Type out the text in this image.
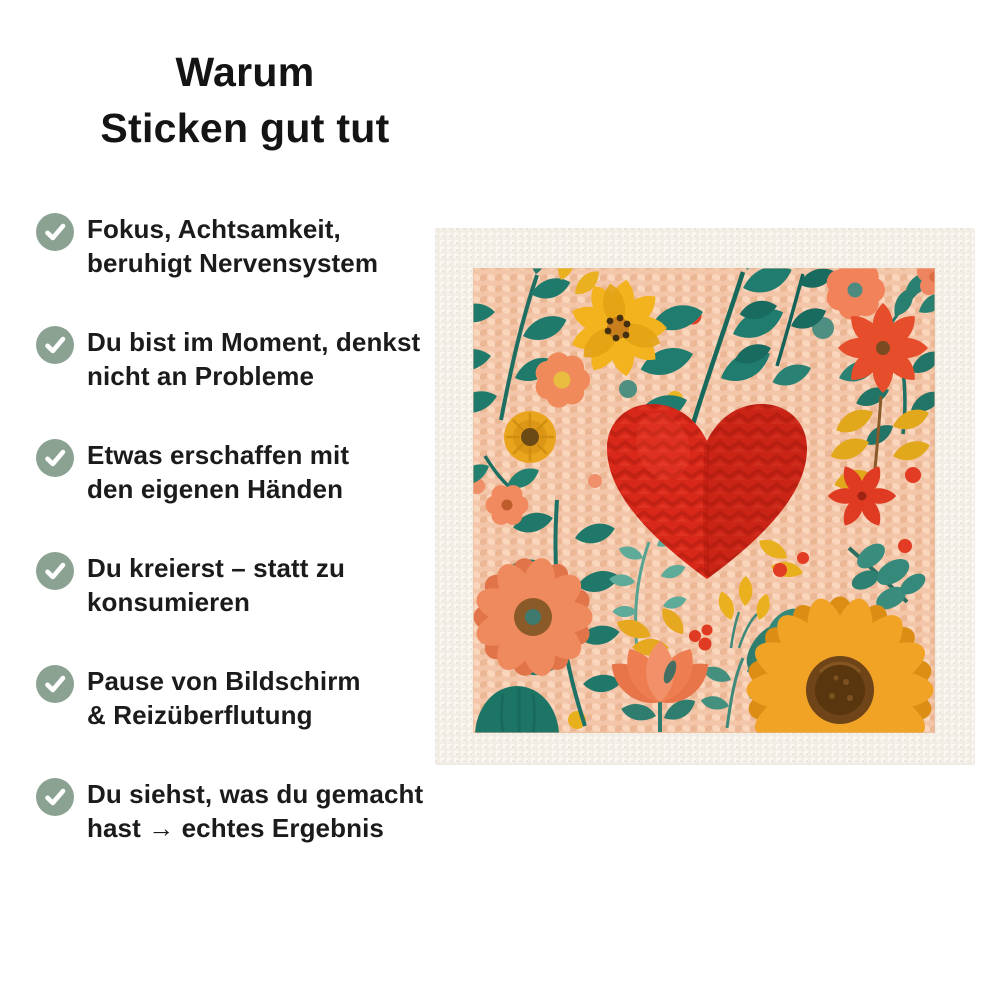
Warum
Sticken gut tut
Fokus, Achtsamkeit,
beruhigt Nervensystem
Du bist im Moment, denkst
nicht an Probleme
Etwas erschaffen mit
den eigenen Händen
Du kreierst – statt zu
konsumieren
Pause von Bildschirm
& Reizüberflutung
Du siehst, was du gemacht
hast → echtes Ergebnis
